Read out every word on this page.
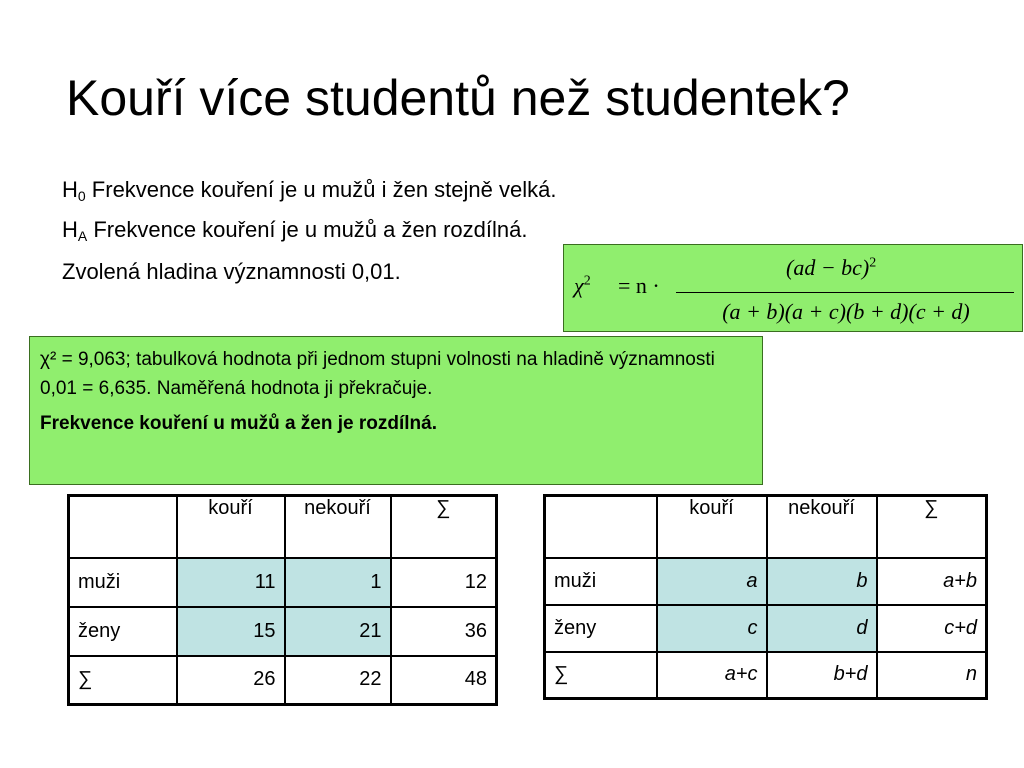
Kouří více studentů než studentek?
$H_0$ Frekvence kouření je u mužů i žen stejně velká.
$H_A$ Frekvence kouření je u mužů a žen rozdílná.
Zvolená hladina významnosti 0,01.
$\chi^2 = n$ ·
(ad − bc)$^2$
(a + b)(a + c)(b + d)(c + d)

χ² = 9,063; tabulková hodnota při jednom stupni volnosti na hladině významnosti 0,01 = 6,635. Naměřená hodnota ji překračuje.

Frekvence kouření u mužů a žen je rozdílná.

	kouří	nekouří	∑
muži	11	1	12
ženy	15	21	36
∑	26	22	48
	kouří	nekouří	∑
muži	a	b	a+b
ženy	c	d	c+d
∑	a+c	b+d	n
